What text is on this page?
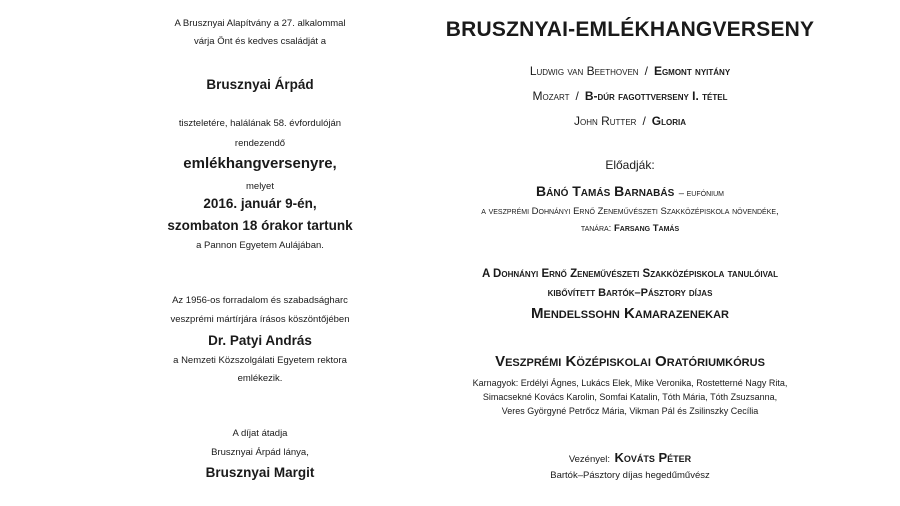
A Brusznyai Alapítvány a 27. alkalommal
várja Önt és kedves családját a
Brusznyai Árpád
tiszteletére, halálának 58. évfordulóján
rendezendő
emlékhangversenyre,
melyet
2016. január 9-én,
szombaton 18 órakor tartunk
a Pannon Egyetem Aulájában.
Az 1956-os forradalom és szabadságharc
veszprémi mártírjára írásos köszöntőjében
Dr. Patyi András
a Nemzeti Közszolgálati Egyetem rektora
emlékezik.
A díjat átadja
Brusznyai Árpád lánya,
Brusznyai Margit
BRUSZNYAI-EMLÉKHANGVERSENY
Ludwig van Beethoven / Egmont nyitány
Mozart / B-dúr fagottverseny I. tétel
John Rutter / Gloria
Előadják:
Bánó Tamás Barnabás – eufónium
a veszprémi Dohnányi Ernő Zeneművészeti Szakközépiskola növendéke,
tanára: Farsang Tamás
A Dohnányi Ernő Zeneművészeti Szakközépiskola tanulóival
kibővített Bartók–Pásztory díjas
Mendelssohn Kamarazenekar
Veszprémi Középiskolai Oratóriumkórus
Karnagyok: Erdélyi Ágnes, Lukács Elek, Mike Veronika, Rostetterné Nagy Rita,
Simacsekné Kovács Karolin, Somfai Katalin, Tóth Mária, Tóth Zsuzsanna,
Veres Györgyné Petrőcz Mária, Vikman Pál és Zsilinszky Cecília
Vezényel: Kováts Péter
Bartók–Pásztory díjas hegedűművész
